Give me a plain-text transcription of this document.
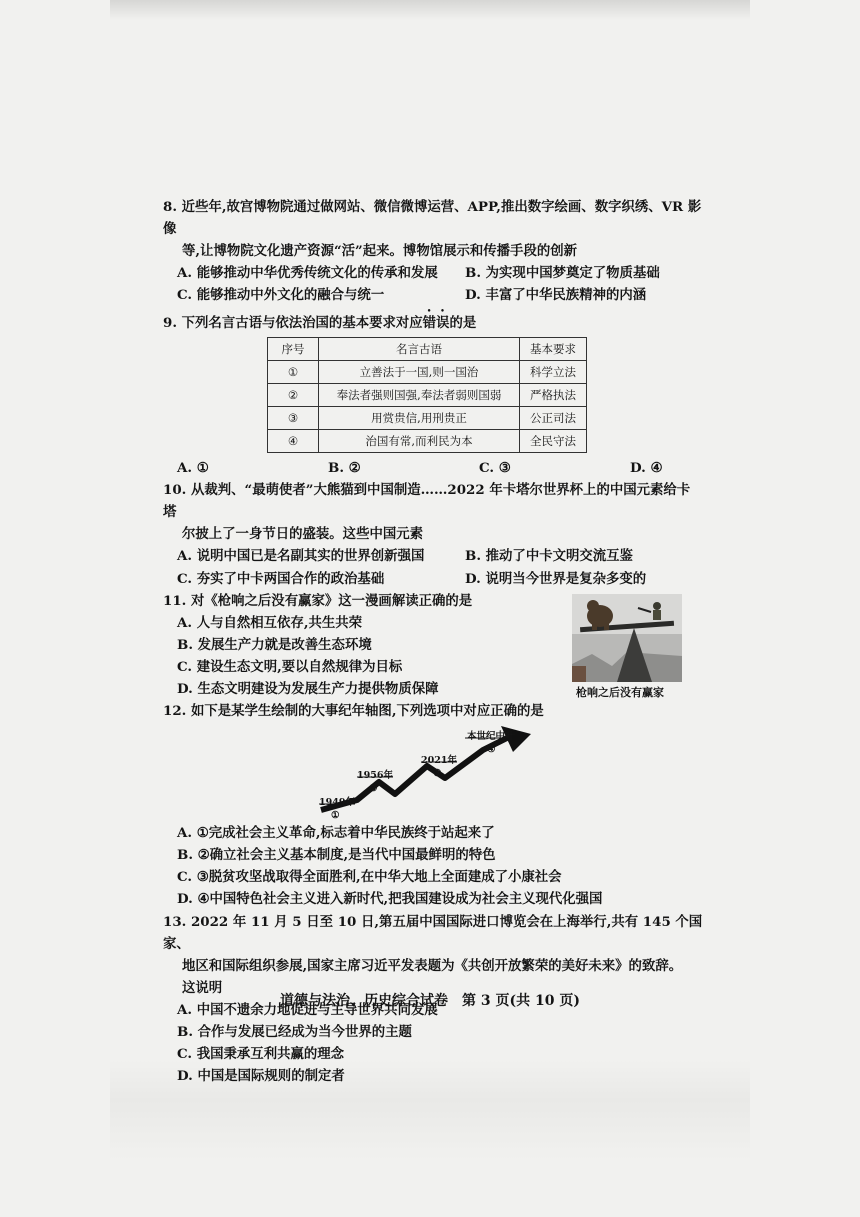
8. 近些年,故宫博物院通过做网站、微信微博运营、APP,推出数字绘画、数字织绣、VR 影像

等,让博物院文化遗产资源“活”起来。博物馆展示和传播手段的创新

A. 能够推动中华优秀传统文化的传承和发展	B. 为实现中国梦奠定了物质基础
C. 能够推动中外文化的融合与统一	D. 丰富了中华民族精神的内涵

9. 下列名言古语与依法治国的基本要求对应错误的是

序号	名言古语	基本要求
①	立善法于一国,则一国治	科学立法
②	奉法者强则国强,奉法者弱则国弱	严格执法
③	用赏贵信,用刑贵正	公正司法
④	治国有常,而利民为本	全民守法
A. ①	B. ②	C. ③	D. ④

10. 从裁判、“最萌使者”大熊猫到中国制造……2022 年卡塔尔世界杯上的中国元素给卡塔

尔披上了一身节日的盛装。这些中国元素

A. 说明中国已是名副其实的世界创新强国	B. 推动了中卡文明交流互鉴
C. 夯实了中卡两国合作的政治基础	D. 说明当今世界是复杂多变的

11. 对《枪响之后没有赢家》这一漫画解读正确的是

A. 人与自然相互依存,共生共荣

B. 发展生产力就是改善生态环境

C. 建设生态文明,要以自然规律为目标

D. 生态文明建设为发展生产力提供物质保障	枪响之后没有赢家

12. 如下是某学生绘制的大事纪年轴图,下列选项中对应正确的是

1949年
①
1956年
②
2021年
③
本世纪中叶
④

A. ①完成社会主义革命,标志着中华民族终于站起来了

B. ②确立社会主义基本制度,是当代中国最鲜明的特色

C. ③脱贫攻坚战取得全面胜利,在中华大地上全面建成了小康社会

D. ④中国特色社会主义进入新时代,把我国建设成为社会主义现代化强国

13. 2022 年 11 月 5 日至 10 日,第五届中国国际进口博览会在上海举行,共有 145 个国家、

地区和国际组织参展,国家主席习近平发表题为《共创开放繁荣的美好未来》的致辞。

这说明

A. 中国不遗余力地促进与主导世界共同发展

B. 合作与发展已经成为当今世界的主题

C. 我国秉承互利共赢的理念

D. 中国是国际规则的制定者

道德与法治、历史综合试卷　第 3 页(共 10 页)
